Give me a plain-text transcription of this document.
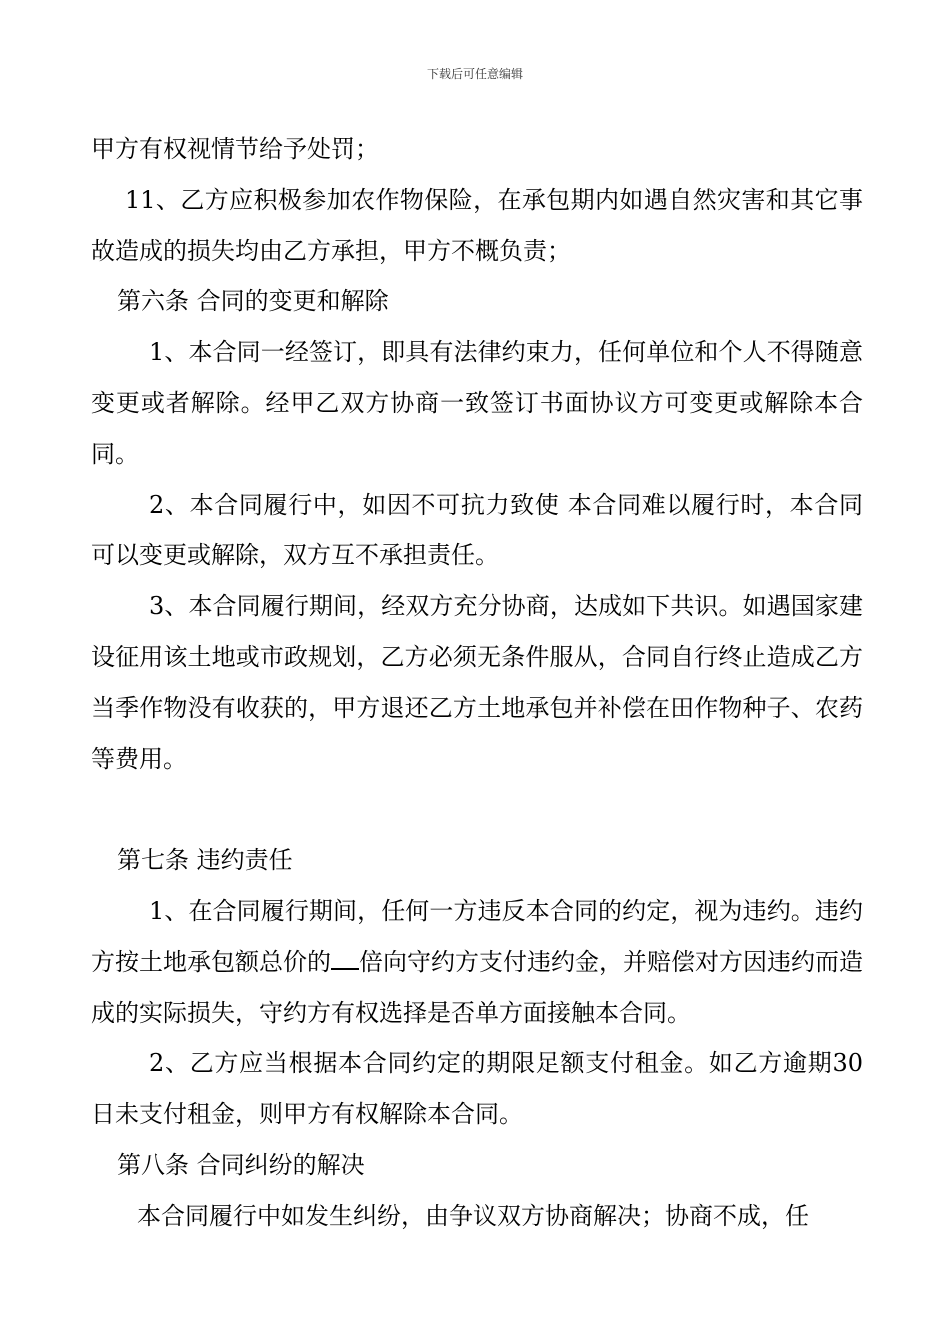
下载后可任意编辑

甲方有权视情节给予处罚；

11、乙方应积极参加农作物保险，在承包期内如遇自然灾害和其它事故造成的损失均由乙方承担，甲方不概负责；

第六条 合同的变更和解除

1、本合同一经签订，即具有法律约束力，任何单位和个人不得随意变更或者解除。经甲乙双方协商一致签订书面协议方可变更或解除本合同。

2、本合同履行中，如因不可抗力致使 本合同难以履行时，本合同可以变更或解除，双方互不承担责任。

3、本合同履行期间，经双方充分协商，达成如下共识。如遇国家建设征用该土地或市政规划，乙方必须无条件服从，合同自行终止造成乙方当季作物没有收获的，甲方退还乙方土地承包并补偿在田作物种子、农药等费用。

第七条 违约责任

1、在合同履行期间，任何一方违反本合同的约定，视为违约。违约方按土地承包额总价的 倍向守约方支付违约金，并赔偿对方因违约而造成的实际损失，守约方有权选择是否单方面接触本合同。

2、乙方应当根据本合同约定的期限足额支付租金。如乙方逾期30日未支付租金，则甲方有权解除本合同。

第八条 合同纠纷的解决

本合同履行中如发生纠纷，由争议双方协商解决；协商不成，任
